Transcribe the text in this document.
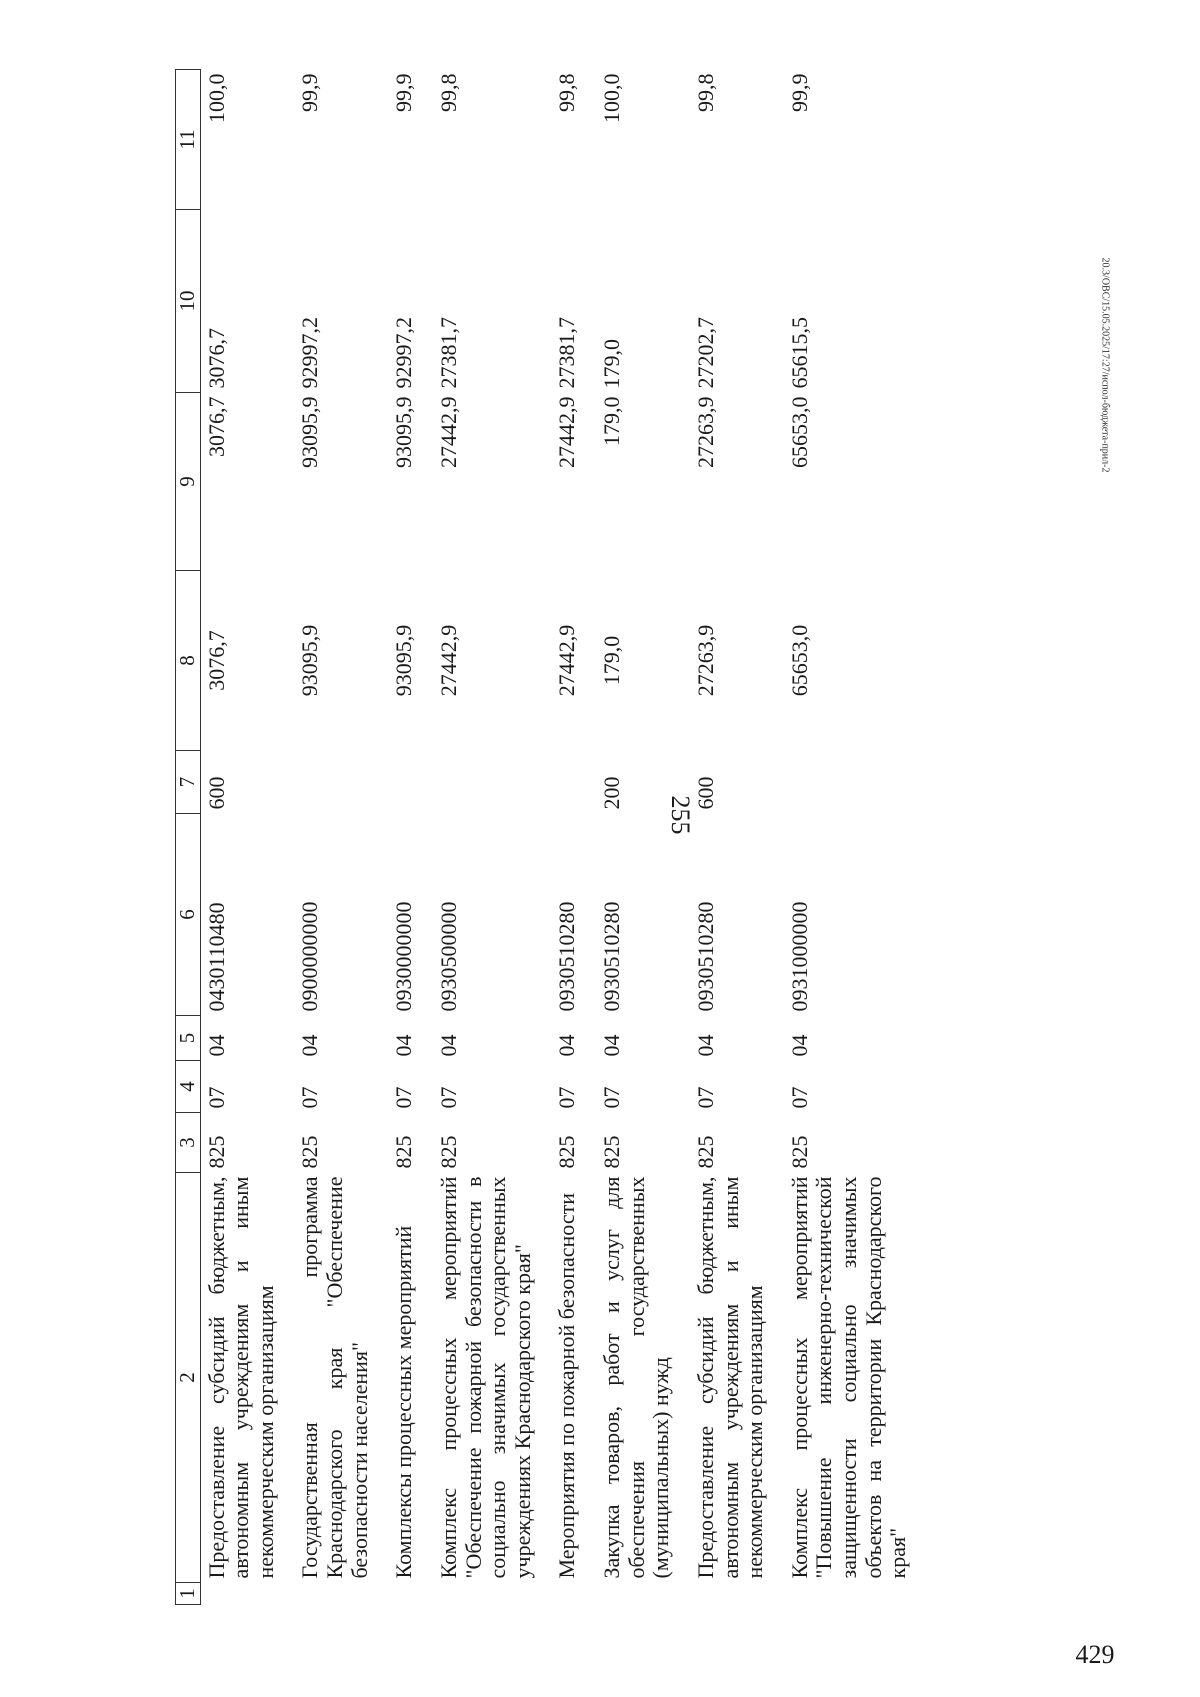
255
20.3/ОВС/15.05.2025/17:27/испол-бюджета-прил-2
429
1	2	3	4	5	6	7	8	9	10	11
	Предоставление субсидий бюджетным, автономным учреждениям и иным некоммерческим организациям	825	07	04	0430110480	600	3076,7	3076,7	3076,7	100,0
	Государственная программа Краснодарского края "Обеспечение безопасности населения"	825	07	04	0900000000		93095,9	93095,9	92997,2	99,9
	Комплексы процессных мероприятий	825	07	04	0930000000		93095,9	93095,9	92997,2	99,9
	Комплекс процессных мероприятий "Обеспечение пожарной безопасности в социально значимых государственных учреждениях Краснодарского края"	825	07	04	0930500000		27442,9	27442,9	27381,7	99,8
	Мероприятия по пожарной безопасности	825	07	04	0930510280		27442,9	27442,9	27381,7	99,8
	Закупка товаров, работ и услуг для обеспечения государственных (муниципальных) нужд	825	07	04	0930510280	200	179,0	179,0	179,0	100,0
	Предоставление субсидий бюджетным, автономным учреждениям и иным некоммерческим организациям	825	07	04	0930510280	600	27263,9	27263,9	27202,7	99,8
	Комплекс процессных мероприятий "Повышение инженерно-технической защищенности социально значимых объектов на территории Краснодарского края"	825	07	04	0931000000		65653,0	65653,0	65615,5	99,9
